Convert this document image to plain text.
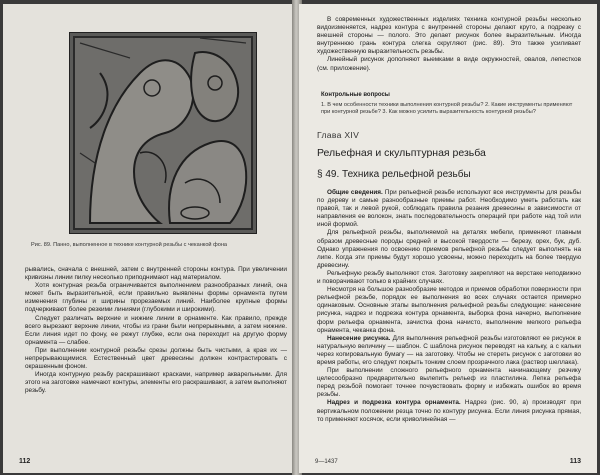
Рис. 89. Панно, выполненное в технике контурной резьбы с чеканкой фона

рывались, сначала с внешней, затем с внутренней стороны контура. При увеличении кривизны линии пилку несколько приподнимают над материалом.

Хотя контурная резьба ограничивается выполнением разнообразных линий, она может быть выразительной, если правильно выявлены формы орнамента путем изменения глубины и ширины прорезаемых линий. Наиболее крупные формы подчеркивают более резкими линиями (глубокими и широкими).

Следует различать верхние и нижние линии в орнаменте. Как правило, прежде всего вырезают верхние линии, чтобы из грани были непрерывными, а затем нижние. Если линия идет по фону, ее режут глубже, если она переходит на другую форму орнамента — слабее.

При выполнении контурной резьбы срезы должны быть чистыми, а края их — непрерывающимися. Естественный цвет древесины должен контрастировать с окрашенным фоном.

Иногда контурную резьбу раскрашивают красками, например акварельными. Для этого на заготовке намечают контуры, элементы его раскрашивают, а затем выполняют резьбу.

112

В современных художественных изделиях техника контурной резьбы несколько видоизменяется, надрез контура с внутренней стороны делают круто, а подрезку с внешней стороны — полого. Это делает рисунок более выразительным. Иногда внутреннюю грань контура слегка скругляют (рис. 89). Это также усиливает художественную выразительность резьбы.

Линейный рисунок дополняют выемками в виде окружностей, овалов, лепестков (см. приложение).

Контрольные вопросы
1. В чем особенности техники выполнения контурной резьбы? 2. Какие инструменты применяют при контурной резьбе? 3. Как можно усилить выразительность контурной резьбы?
Глава XIV
Рельефная и скульптурная резьба
§ 49. Техника рельефной резьбы

Общие сведения. При рельефной резьбе используют все инструменты для резьбы по дереву и самые разнообразные приемы работ. Необходимо уметь работать как правой, так и левой рукой, соблюдать правила резания древесины в зависимости от направления ее волокон, знать последовательность операций при работе над той или иной формой.

Для рельефной резьбы, выполняемой на деталях мебели, применяют главным образом древесные породы средней и высокой твердости — березу, орех, бук, дуб. Однако упражнения по освоению приемов рельефной резьбы следует выполнять на липе. Когда эти приемы будут хорошо усвоены, можно переходить на более твердую древесину.

Рельефную резьбу выполняют стоя. Заготовку закрепляют на верстаке неподвижно и поворачивают только в крайних случаях.

Несмотря на большое разнообразие методов и приемов обработки поверхности при рельефной резьбе, порядок ее выполнения во всех случаях остается примерно одинаковым. Основные этапы выполнения рельефной резьбы следующие: нанесение рисунка, надрез и подрезка контура орнамента, выборка фона начерно, выполнение форм рельефа орнамента, зачистка фона начисто, выполнение мелкого рельефа орнамента, чеканка фона.

Нанесение рисунка. Для выполнения рельефной резьбы изготовляют ее рисунок в натуральную величину — шаблон. С шаблона рисунок переводят на кальку, а с кальки через копировальную бумагу — на заготовку. Чтобы не стереть рисунок с заготовки во время работы, его следует покрыть тонким слоем прозрачного лака (раствор шеллака).

При выполнении сложного рельефного орнамента начинающему резчику целесообразно предварительно вылепить рельеф из пластилина. Лепка рельефа перед резьбой помогает точнее почувствовать форму и избежать ошибок во время резьбы.

Надрез и подрезка контура орнамента. Надрез (рис. 90, а) производят при вертикальном положении резца точно по контуру рисунка. Если линия рисунка прямая, то применяют косячок, если криволинейная —

9—1437	113
